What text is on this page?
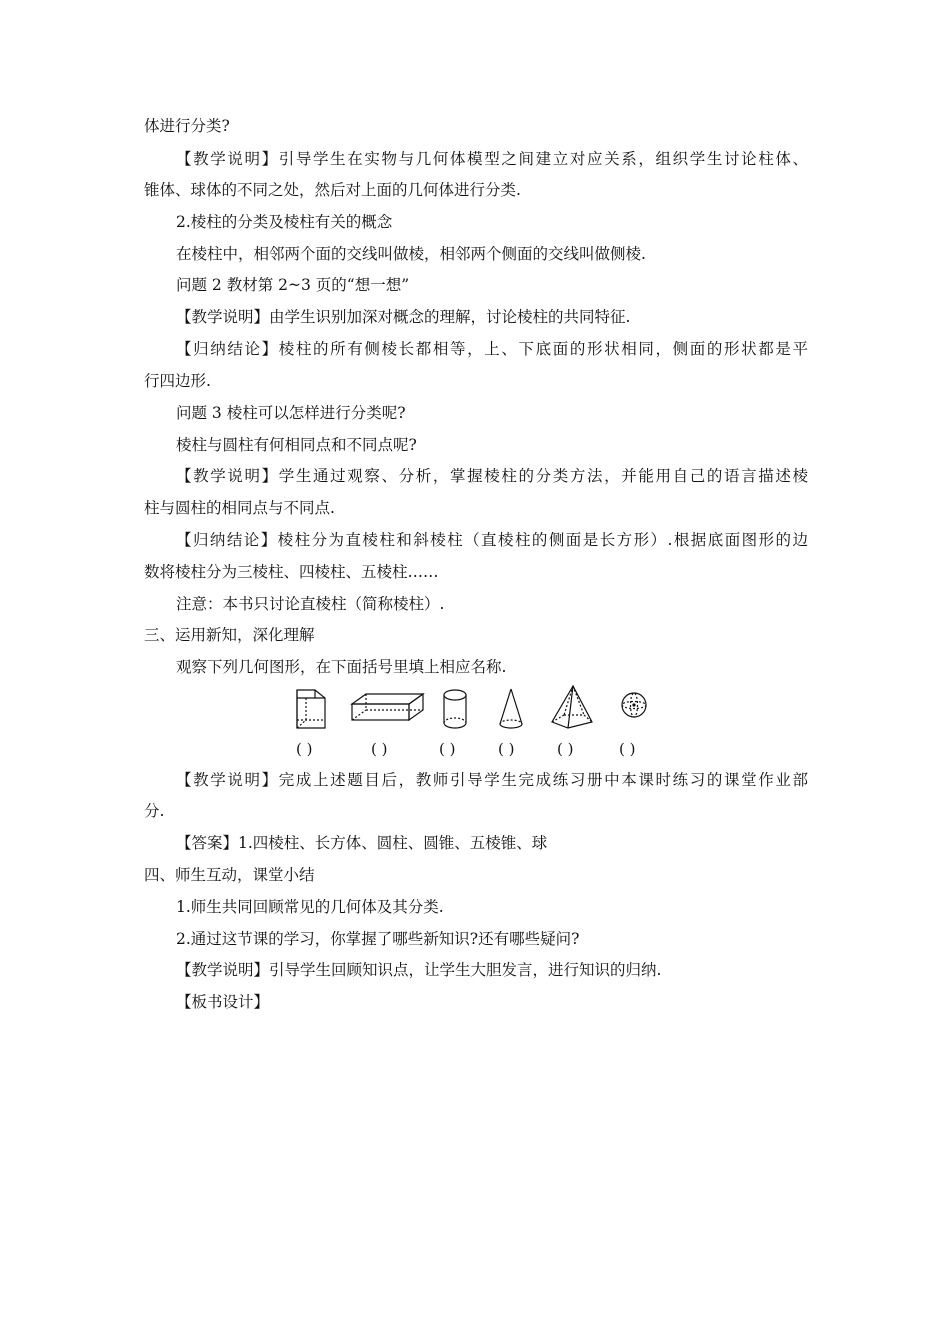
体进行分类?
【教学说明】引导学生在实物与几何体模型之间建立对应关系，组织学生讨论柱体、
锥体、球体的不同之处，然后对上面的几何体进行分类.
2.棱柱的分类及棱柱有关的概念
在棱柱中，相邻两个面的交线叫做棱，相邻两个侧面的交线叫做侧棱.
问题 2 教材第 2~3 页的“想一想”
【教学说明】由学生识别加深对概念的理解，讨论棱柱的共同特征.
【归纳结论】棱柱的所有侧棱长都相等，上、下底面的形状相同，侧面的形状都是平
行四边形.
问题 3 棱柱可以怎样进行分类呢?
棱柱与圆柱有何相同点和不同点呢?
【教学说明】学生通过观察、分析，掌握棱柱的分类方法，并能用自己的语言描述棱
柱与圆柱的相同点与不同点.
【归纳结论】棱柱分为直棱柱和斜棱柱（直棱柱的侧面是长方形）.根据底面图形的边
数将棱柱分为三棱柱、四棱柱、五棱柱……
注意：本书只讨论直棱柱（简称棱柱）.
三、运用新知，深化理解
观察下列几何图形，在下面括号里填上相应名称.
( )	( )	( )	( )	( )	( )
【教学说明】完成上述题目后，教师引导学生完成练习册中本课时练习的课堂作业部
分.
【答案】1.四棱柱、长方体、圆柱、圆锥、五棱锥、球
四、师生互动，课堂小结
1.师生共同回顾常见的几何体及其分类.
2.通过这节课的学习，你掌握了哪些新知识?还有哪些疑问?
【教学说明】引导学生回顾知识点，让学生大胆发言，进行知识的归纳.
【板书设计】
